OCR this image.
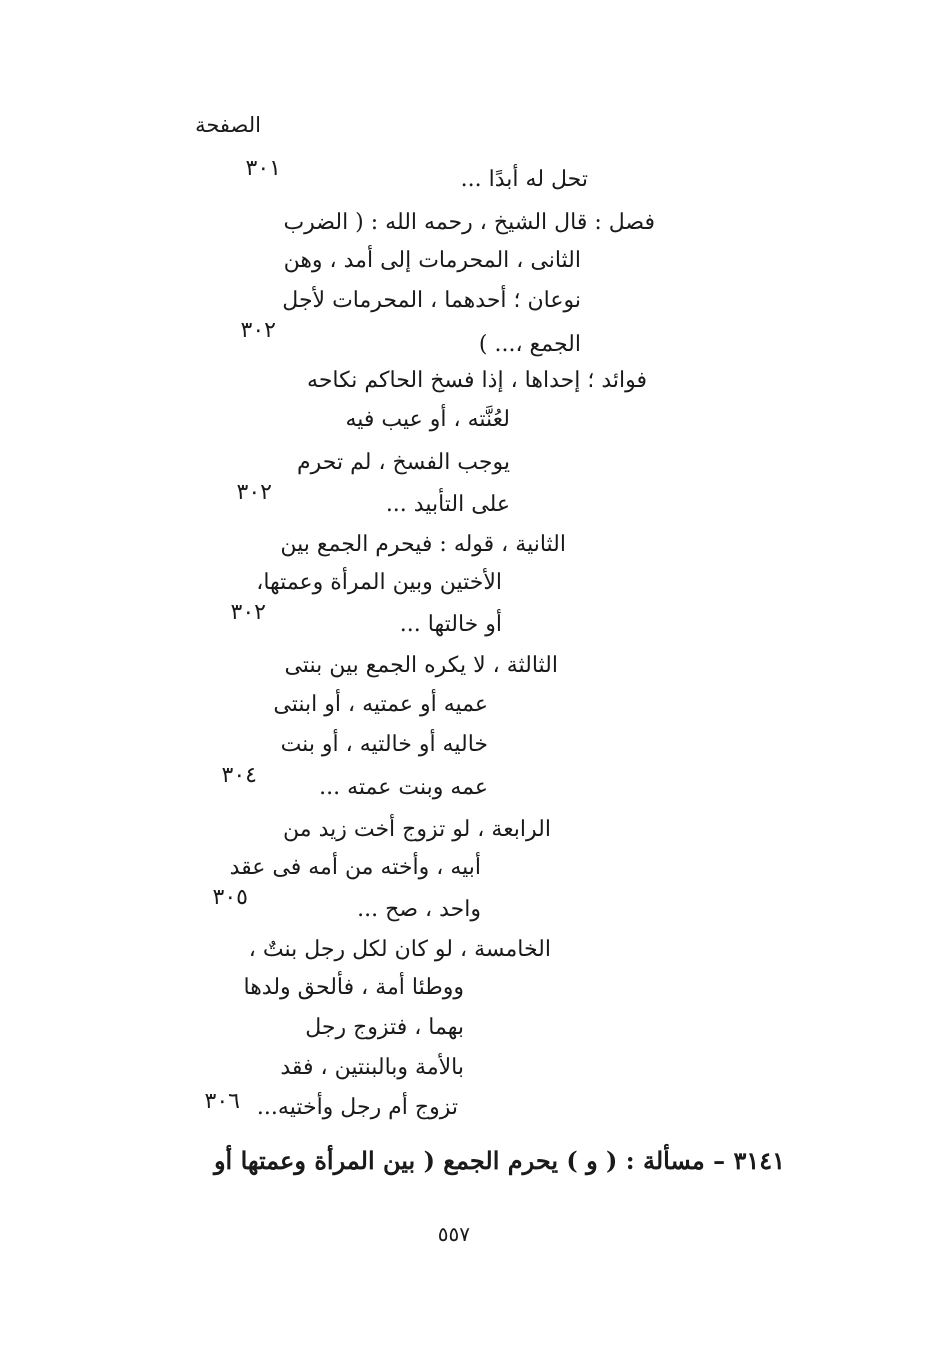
الصفحة
تحل له أبدًا ...
٣٠١
فصل : قال الشيخ ، رحمه الله : ( الضرب
الثانى ، المحرمات إلى أمد ، وهن
نوعان ؛ أحدهما ، المحرمات لأجل
الجمع ،... )
٣٠٢
فوائد ؛ إحداها ، إذا فسخ الحاكم نكاحه
لعُنَّته ، أو عيب فيه
يوجب الفسخ ، لم تحرم
على التأبيد ...
٣٠٢
الثانية ، قوله : فيحرم الجمع بين
الأختين وبين المرأة وعمتها،
أو خالتها ...
٣٠٢
الثالثة ، لا يكره الجمع بين بنتى
عميه أو عمتيه ، أو ابنتى
خاليه أو خالتيه ، أو بنت
عمه وبنت عمته ...
٣٠٤
الرابعة ، لو تزوج أخت زيد من
أبيه ، وأخته من أمه فى عقد
واحد ، صح ...
٣٠٥
الخامسة ، لو كان لكل رجل بنتٌ ،
ووطئا أمة ، فألحق ولدها
بهما ، فتزوج رجل
بالأمة وبالبنتين ، فقد
تزوج أم رجل وأختيه...
٣٠٦
٣١٤١ – مسألة : ( و ) يحرم الجمع ( بين المرأة وعمتها أو
٥٥٧
